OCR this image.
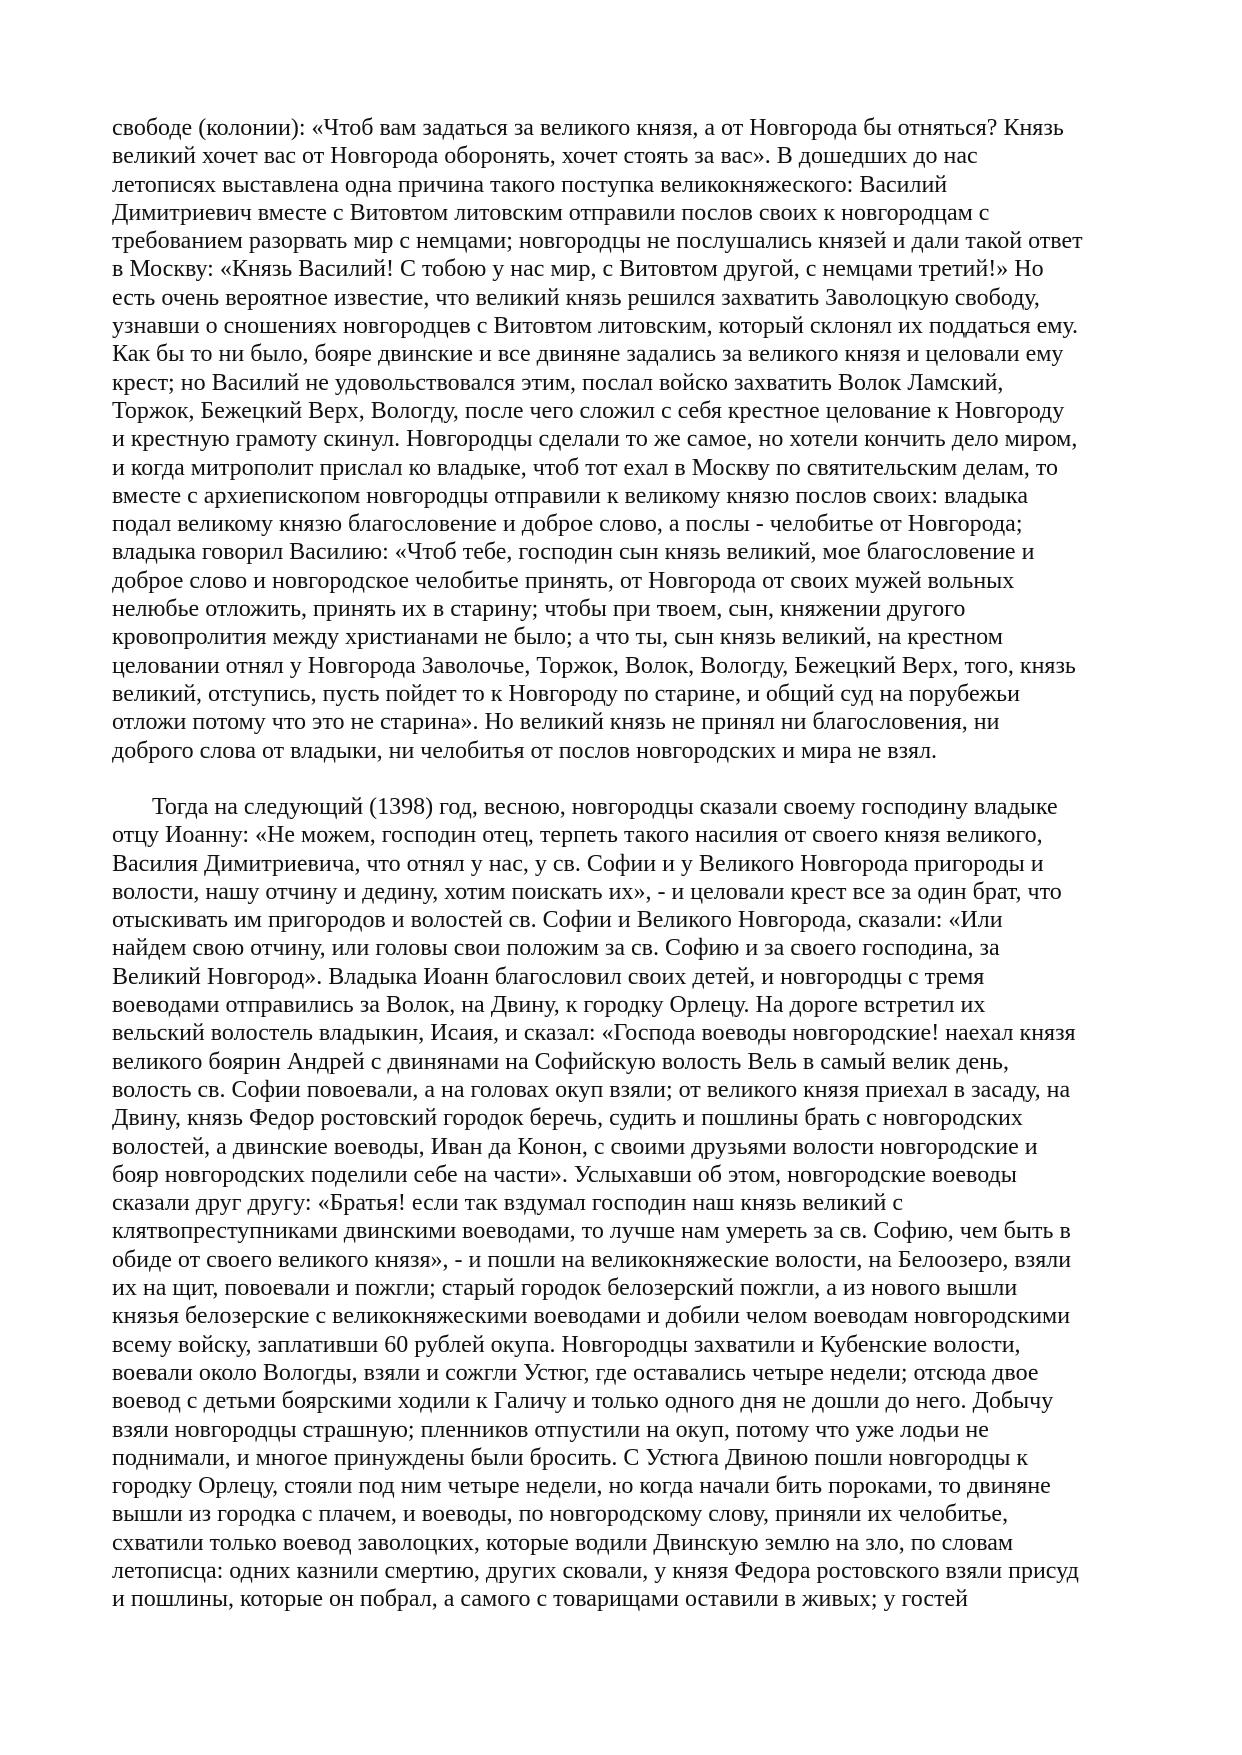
свободе (колонии): «Чтоб вам задаться за великого князя, а от Новгорода бы отняться? Князь
великий хочет вас от Новгорода оборонять, хочет стоять за вас». В дошедших до нас
летописях выставлена одна причина такого поступка великокняжеского: Василий
Димитриевич вместе с Витовтом литовским отправили послов своих к новгородцам с
требованием разорвать мир с немцами; новгородцы не послушались князей и дали такой ответ
в Москву: «Князь Василий! С тобою у нас мир, с Витовтом другой, с немцами третий!» Но
есть очень вероятное известие, что великий князь решился захватить Заволоцкую свободу,
узнавши о сношениях новгородцев с Витовтом литовским, который склонял их поддаться ему.
Как бы то ни было, бояре двинские и все двиняне задались за великого князя и целовали ему
крест; но Василий не удовольствовался этим, послал войско захватить Волок Ламский,
Торжок, Бежецкий Верх, Вологду, после чего сложил с себя крестное целование к Новгороду
и крестную грамоту скинул. Новгородцы сделали то же самое, но хотели кончить дело миром,
и когда митрополит прислал ко владыке, чтоб тот ехал в Москву по святительским делам, то
вместе с архиепископом новгородцы отправили к великому князю послов своих: владыка
подал великому князю благословение и доброе слово, а послы - челобитье от Новгорода;
владыка говорил Василию: «Чтоб тебе, господин сын князь великий, мое благословение и
доброе слово и новгородское челобитье принять, от Новгорода от своих мужей вольных
нелюбье отложить, принять их в старину; чтобы при твоем, сын, княжении другого
кровопролития между христианами не было; а что ты, сын князь великий, на крестном
целовании отнял у Новгорода Заволочье, Торжок, Волок, Вологду, Бежецкий Верх, того, князь
великий, отступись, пусть пойдет то к Новгороду по старине, и общий суд на порубежьи
отложи потому что это не старина». Но великий князь не принял ни благословения, ни
доброго слова от владыки, ни челобитья от послов новгородских и мира не взял.
Тогда на следующий (1398) год, весною, новгородцы сказали своему господину владыке
отцу Иоанну: «Не можем, господин отец, терпеть такого насилия от своего князя великого,
Василия Димитриевича, что отнял у нас, у св. Софии и у Великого Новгорода пригороды и
волости, нашу отчину и дедину, хотим поискать их», - и целовали крест все за один брат, что
отыскивать им пригородов и волостей св. Софии и Великого Новгорода, сказали: «Или
найдем свою отчину, или головы свои положим за св. Софию и за своего господина, за
Великий Новгород». Владыка Иоанн благословил своих детей, и новгородцы с тремя
воеводами отправились за Волок, на Двину, к городку Орлецу. На дороге встретил их
вельский волостель владыкин, Исаия, и сказал: «Господа воеводы новгородские! наехал князя
великого боярин Андрей с двинянами на Софийскую волость Вель в самый велик день,
волость св. Софии повоевали, а на головах окуп взяли; от великого князя приехал в засаду, на
Двину, князь Федор ростовский городок беречь, судить и пошлины брать с новгородских
волостей, а двинские воеводы, Иван да Конон, с своими друзьями волости новгородские и
бояр новгородских поделили себе на части». Услыхавши об этом, новгородские воеводы
сказали друг другу: «Братья! если так вздумал господин наш князь великий с
клятвопреступниками двинскими воеводами, то лучше нам умереть за св. Софию, чем быть в
обиде от своего великого князя», - и пошли на великокняжеские волости, на Белоозеро, взяли
их на щит, повоевали и пожгли; старый городок белозерский пожгли, а из нового вышли
князья белозерские с великокняжескими воеводами и добили челом воеводам новгородскими
всему войску, заплативши 60 рублей окупа. Новгородцы захватили и Кубенские волости,
воевали около Вологды, взяли и сожгли Устюг, где оставались четыре недели; отсюда двое
воевод с детьми боярскими ходили к Галичу и только одного дня не дошли до него. Добычу
взяли новгородцы страшную; пленников отпустили на окуп, потому что уже лодьи не
поднимали, и многое принуждены были бросить. С Устюга Двиною пошли новгородцы к
городку Орлецу, стояли под ним четыре недели, но когда начали бить пороками, то двиняне
вышли из городка с плачем, и воеводы, по новгородскому слову, приняли их челобитье,
схватили только воевод заволоцких, которые водили Двинскую землю на зло, по словам
летописца: одних казнили смертию, других сковали, у князя Федора ростовского взяли присуд
и пошлины, которые он побрал, а самого с товарищами оставили в живых; у гостей
